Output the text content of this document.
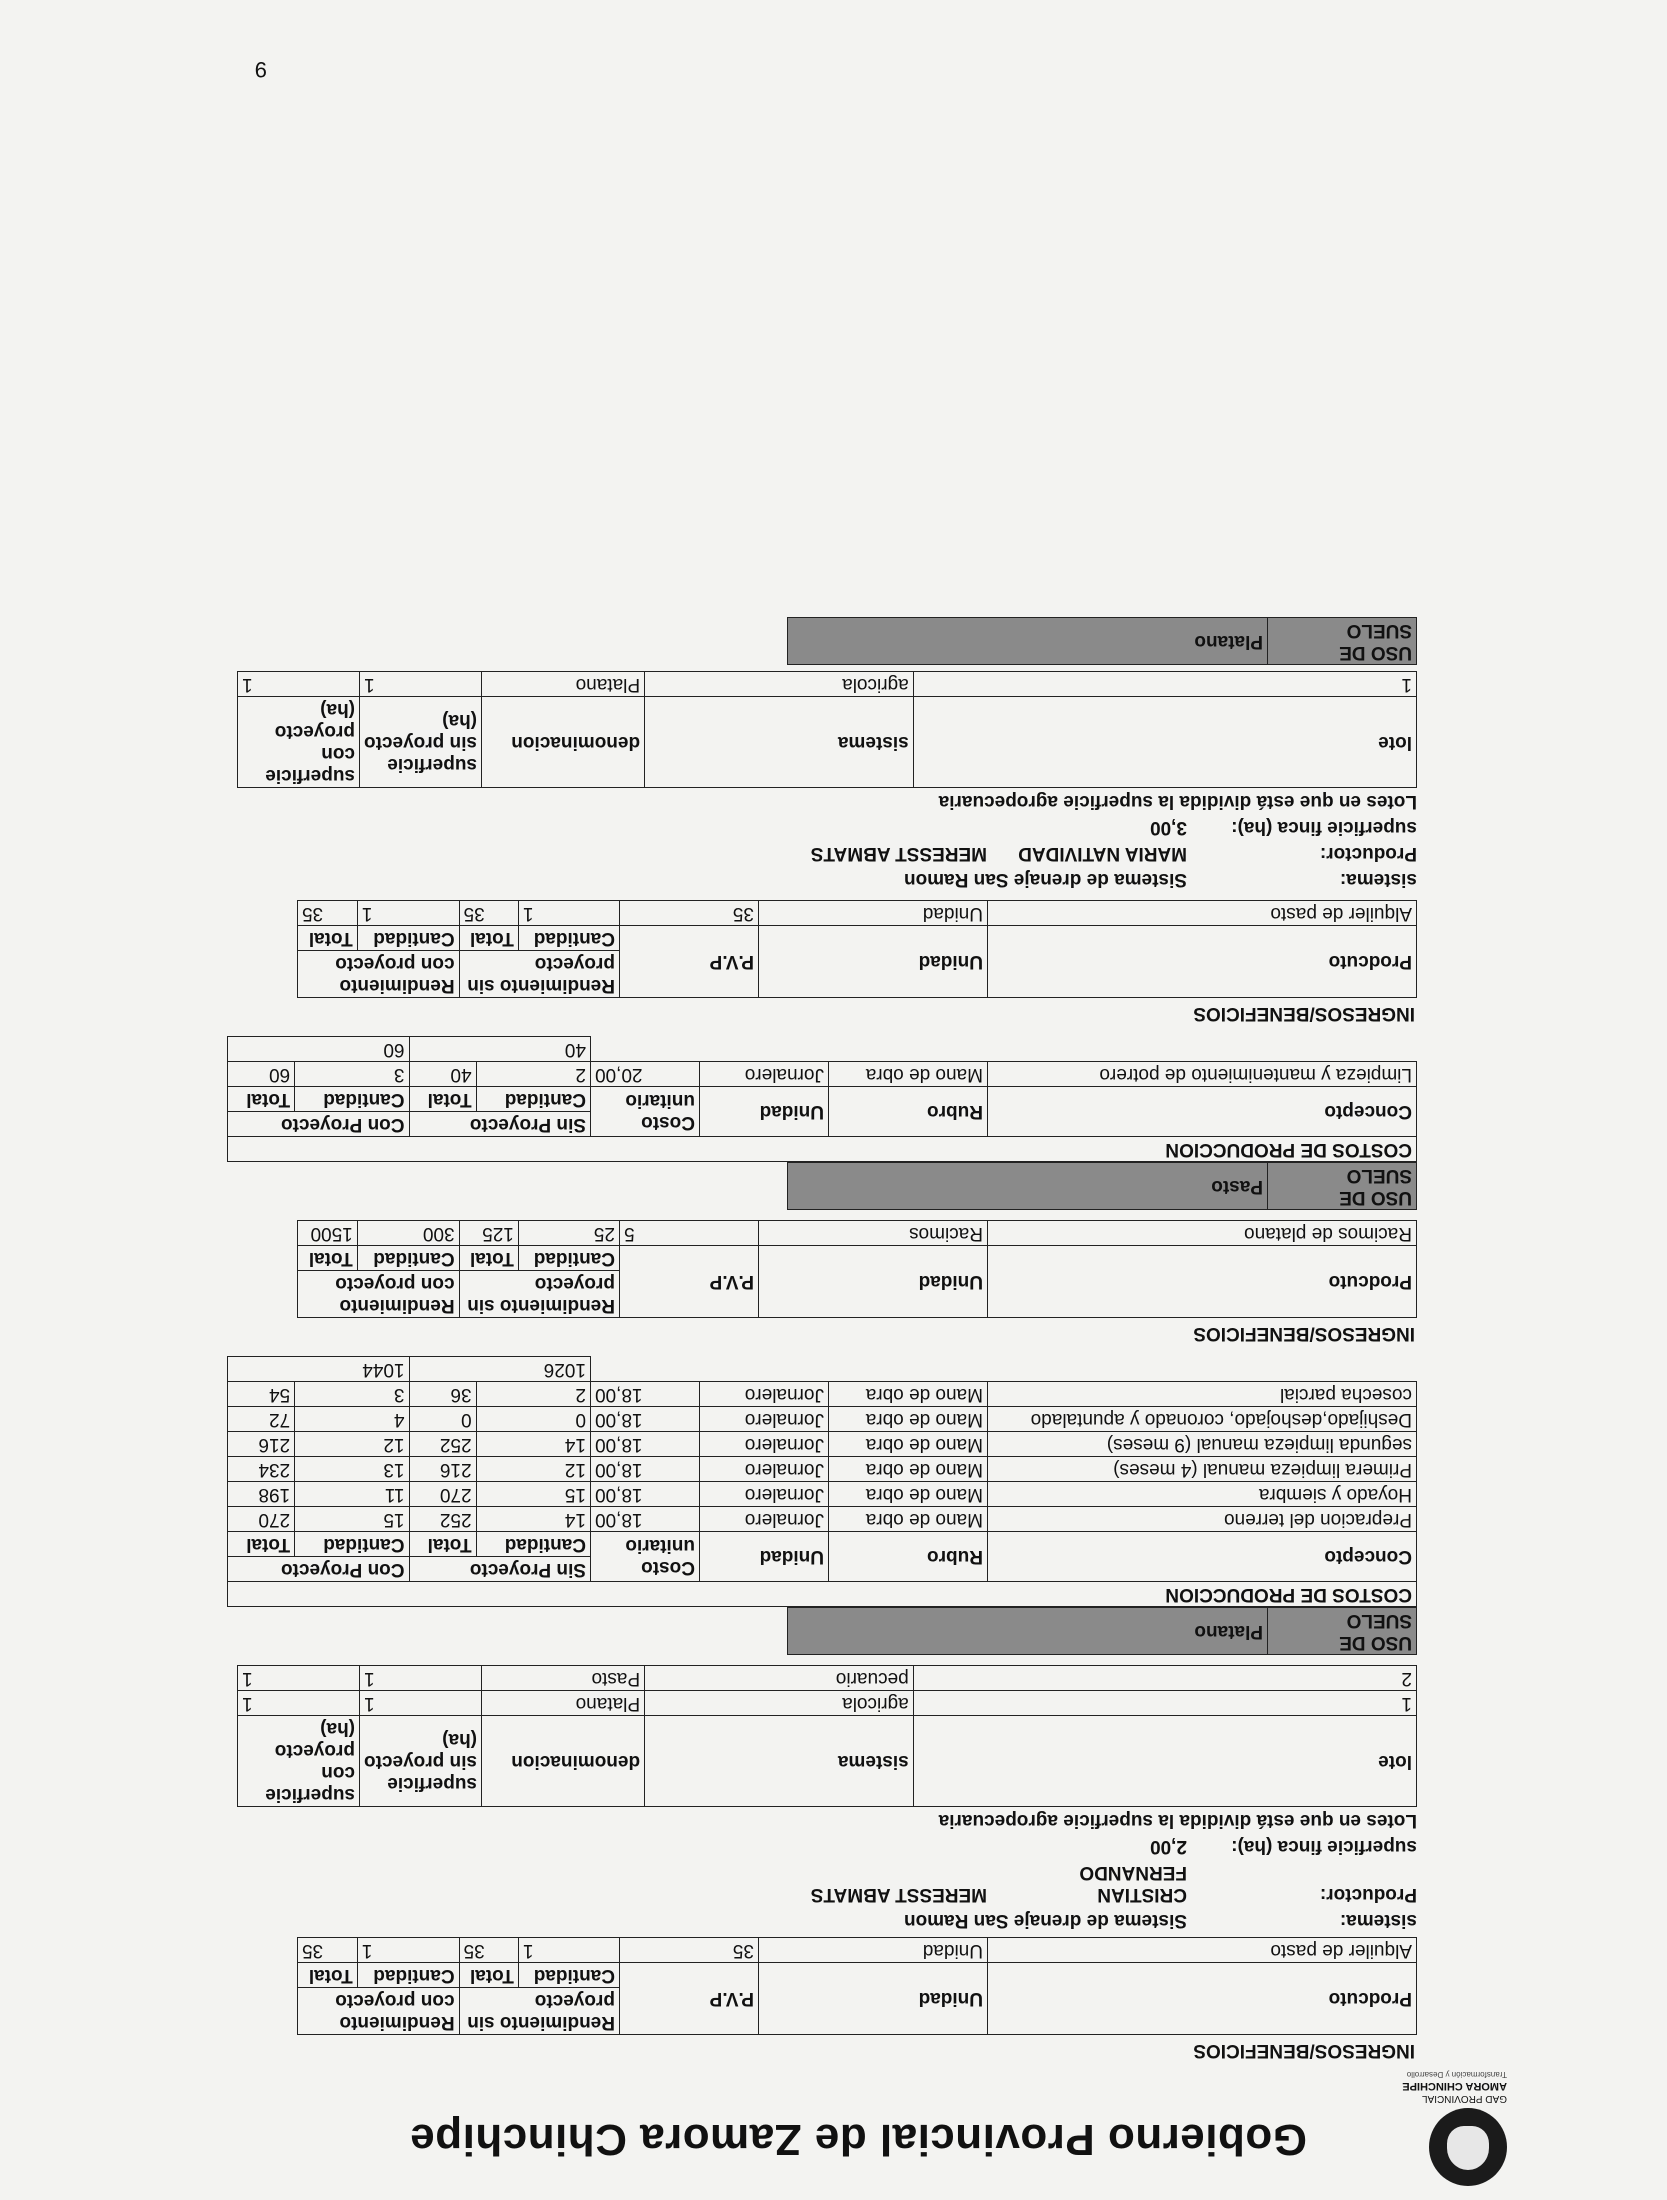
GAD PROVINCIAL
AMORA CHINCHIPE
Transformación y Desarrollo
Gobierno Provincial de Zamora Chinchipe
INGRESOS/BENEFICIOS
Prodcuto	Unidad	P.V.P	Rendimiento sin proyecto		Rendimiento con proyecto	
			Cantidad	Total	Cantidad	Total
Alquiler de pasto	Unidad	35	1	35	1	35
sistema:
Sistema de drenaje San Ramon
Productor:
CRISTIAN FERNANDO
MERESST ABMATS
superficie finca (ha):
2,00
Lotes en que está dividida la superficie agropecuaria
lote	sistema	denominacion	superficie sin proyecto (ha)	superficie con proyecto (ha)
1	agricola	Platano	1	1
2	pecuario	Pasto	1	1
USO DE SUELO	Platano
COSTOS DE PRODUCCION							
Concepto	Rubro	Unidad	Costo unitario	Sin Proyecto		Con Proyecto	
				Cantidad	Total	Cantidad	Total
Prepracion del terreno	Mano de obra	Jornalero	18,00	14	252	15	270
Hoyado y siembra	Mano de obra	Jornalero	18,00	15	270	11	198
Primera limpieza manual (4 meses)	Mano de obra	Jornalero	18,00	12	216	13	234
segunda limpieza manual (9 meses)	Mano de obra	Jornalero	18,00	14	252	12	216
Deshijado,deshojado, coronado y apuntalado	Mano de obra	Jornalero	18,00	0	0	4	72
cosecha parcial	Mano de obra	Jornalero	18,00	2	36	3	54
				1026		1044	
INGRESOS/BENEFICIOS
Prodcuto	Unidad	P.V.P	Rendimiento sin proyecto		Rendimiento con proyecto	
			Cantidad	Total	Cantidad	Total
Racimos de platano	Racimos	5	25	125	300	1500
USO DE SUELO	Pasto
COSTOS DE PRODUCCION							
Concepto	Rubro	Unidad	Costo unitario	Sin Proyecto		Con Proyecto	
				Cantidad	Total	Cantidad	Total
Limpieza y mantenimiento de potrero	Mano de obra	Jornalero	20,00	2	40	3	60
				40		60	
INGRESOS/BENEFICIOS
Prodcuto	Unidad	P.V.P	Rendimiento sin proyecto		Rendimiento con proyecto	
			Cantidad	Total	Cantidad	Total
Alquiler de pasto	Unidad	35	1	35	1	35
sistema:
Sistema de drenaje San Ramon
Productor:
MARIA NATIVIDAD
MERESST ABMATS
superficie finca (ha):
3,00
Lotes en que está dividida la superficie agropecuaria
lote	sistema	denominacion	superficie sin proyecto (ha)	superficie con proyecto (ha)
1	agricola	Platano	1	1
USO DE SUELO	Platano
9
